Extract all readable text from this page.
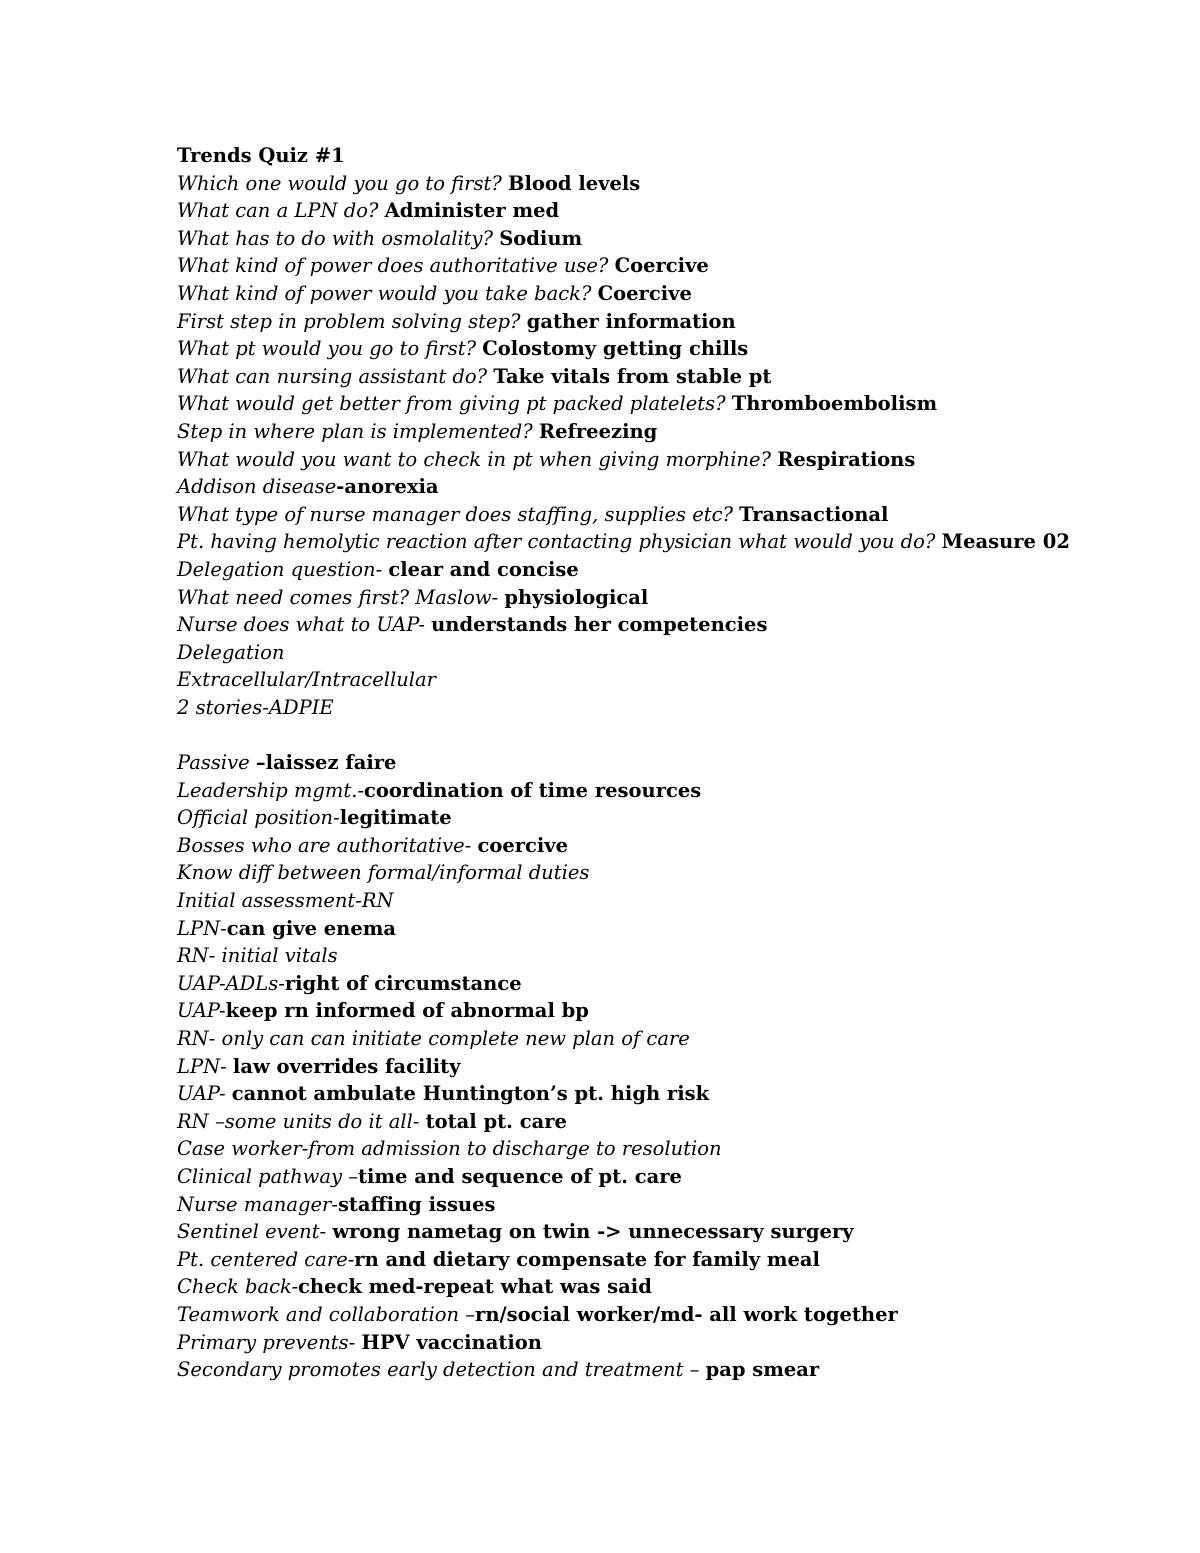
Trends Quiz #1
Which one would you go to first? Blood levels
What can a LPN do? Administer med
What has to do with osmolality? Sodium
What kind of power does authoritative use? Coercive
What kind of power would you take back? Coercive
First step in problem solving step? gather information
What pt would you go to first? Colostomy getting chills
What can nursing assistant do? Take vitals from stable pt
What would get better from giving pt packed platelets? Thromboembolism
Step in where plan is implemented? Refreezing
What would you want to check in pt when giving morphine? Respirations
Addison disease-anorexia
What type of nurse manager does staffing, supplies etc? Transactional
Pt. having hemolytic reaction after contacting physician what would you do? Measure 02
Delegation question- clear and concise
What need comes first? Maslow- physiological
Nurse does what to UAP- understands her competencies
Delegation
Extracellular/Intracellular
2 stories-ADPIE
Passive –laissez faire
Leadership mgmt.-coordination of time resources
Official position-legitimate
Bosses who are authoritative- coercive
Know diff between formal/informal duties
Initial assessment-RN
LPN-can give enema
RN- initial vitals
UAP-ADLs-right of circumstance
UAP-keep rn informed of abnormal bp
RN- only can can initiate complete new plan of care
LPN- law overrides facility
UAP- cannot ambulate Huntington’s pt. high risk
RN –some units do it all- total pt. care
Case worker-from admission to discharge to resolution
Clinical pathway –time and sequence of pt. care
Nurse manager-staffing issues
Sentinel event- wrong nametag on twin -> unnecessary surgery
Pt. centered care-rn and dietary compensate for family meal
Check back-check med-repeat what was said
Teamwork and collaboration –rn/social worker/md- all work together
Primary prevents- HPV vaccination
Secondary promotes early detection and treatment – pap smear
